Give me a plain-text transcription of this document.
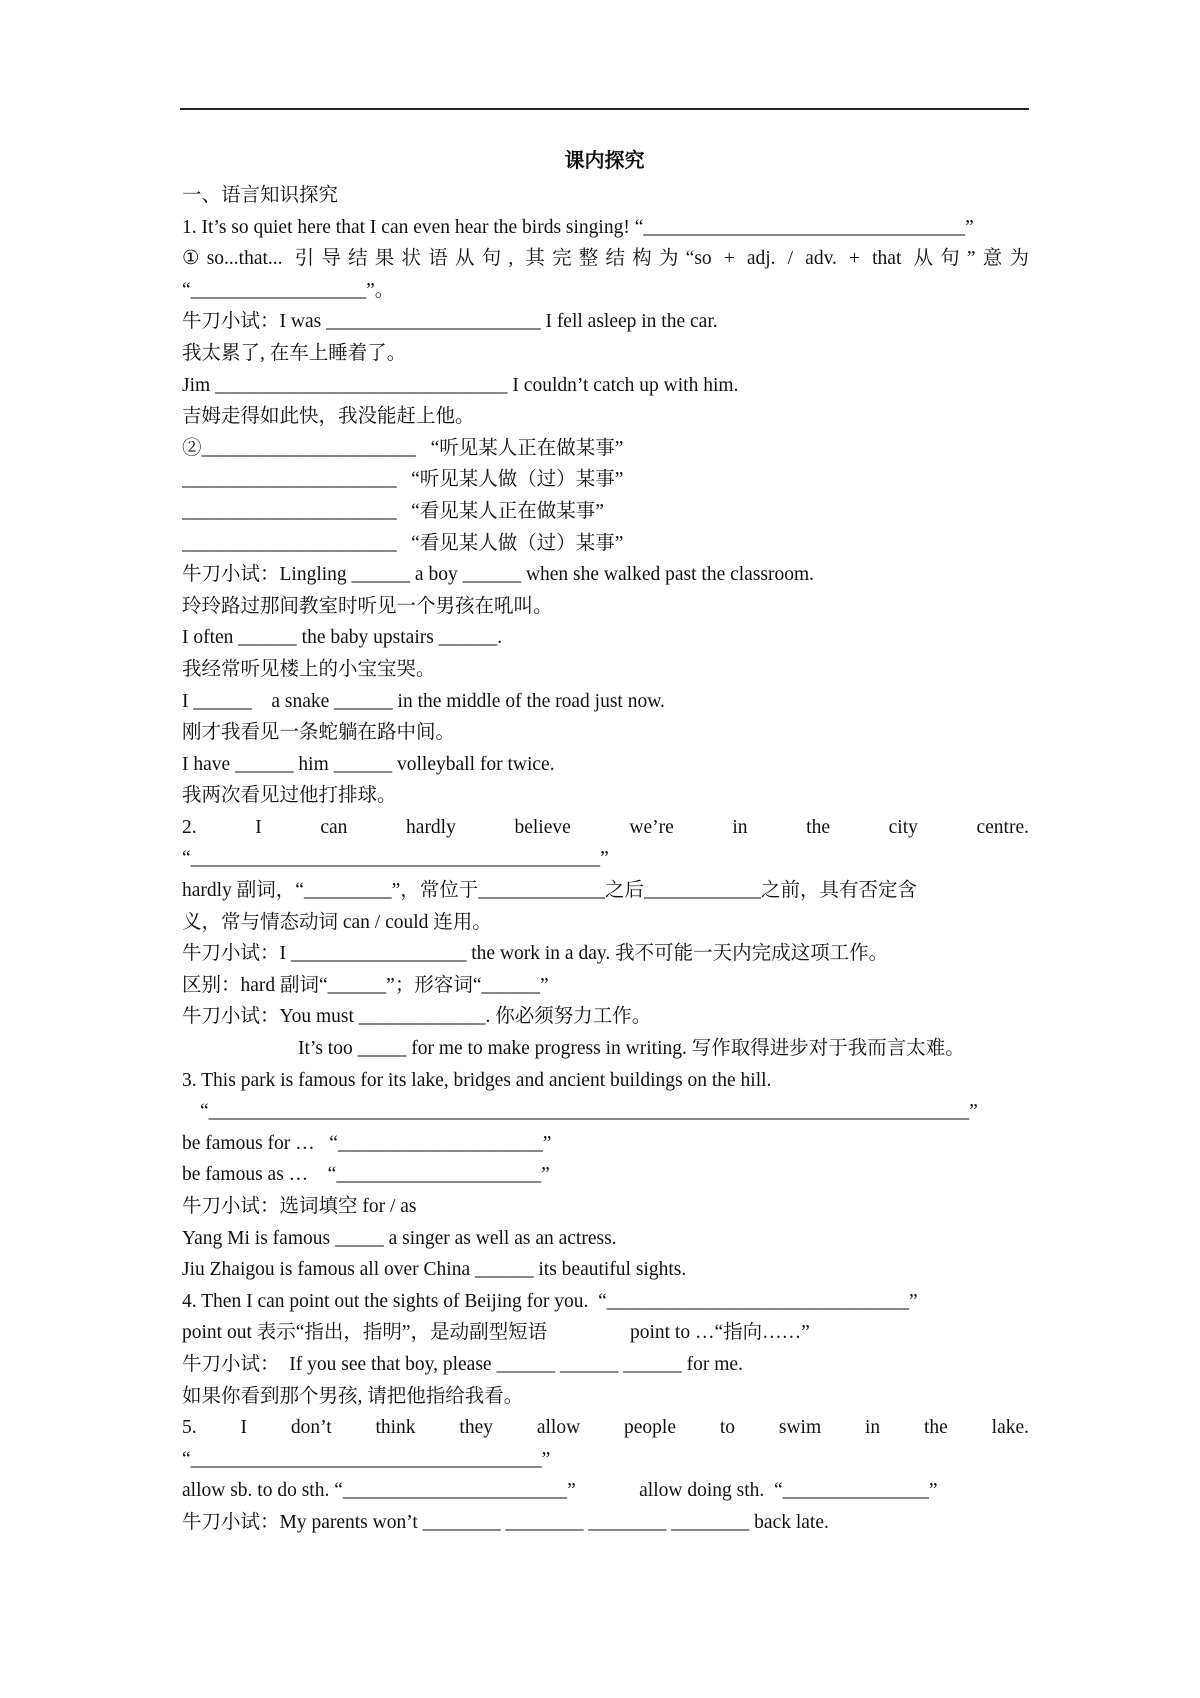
课内探究
一、语言知识探究
1. It’s so quiet here that I can even hear the birds singing! “_________________________________”
①so...that... 引导结果状语从句, 其完整结构为“so + adj. / adv. + that 从句”意为
“__________________”。
牛刀小试：I was ______________________ I fell asleep in the car.
我太累了, 在车上睡着了。
Jim ______________________________ I couldn’t catch up with him.
吉姆走得如此快，我没能赶上他。
②______________________   “听见某人正在做某事”
______________________   “听见某人做（过）某事”
______________________   “看见某人正在做某事”
______________________   “看见某人做（过）某事”
牛刀小试：Lingling ______ a boy ______ when she walked past the classroom.
玲玲路过那间教室时听见一个男孩在吼叫。
I often ______ the baby upstairs ______.
我经常听见楼上的小宝宝哭。
I ______    a snake ______ in the middle of the road just now.
刚才我看见一条蛇躺在路中间。
I have ______ him ______ volleyball for twice.
我两次看见过他打排球。
2. I can hardly believe we’re in the city centre.
“__________________________________________”
hardly 副词，“_________”，常位于_____________之后____________之前，具有否定含
义，常与情态动词 can / could 连用。
牛刀小试：I __________________ the work in a day. 我不可能一天内完成这项工作。
区别：hard 副词“______”；形容词“______”
牛刀小试：You must _____________. 你必须努力工作。
It’s too _____ for me to make progress in writing. 写作取得进步对于我而言太难。
3. This park is famous for its lake, bridges and ancient buildings on the hill.
“______________________________________________________________________________”
be famous for …   “_____________________”
be famous as …    “_____________________”
牛刀小试：选词填空 for / as
Yang Mi is famous _____ a singer as well as an actress.
Jiu Zhaigou is famous all over China ______ its beautiful sights.
4. Then I can point out the sights of Beijing for you.  “_______________________________”
point out 表示“指出，指明”，是动副型短语                 point to …“指向……”
牛刀小试：  If you see that boy, please ______ ______ ______ for me.
如果你看到那个男孩, 请把他指给我看。
5. I don’t think they allow people to swim in the lake.
“____________________________________”
allow sb. to do sth. “_______________________”             allow doing sth.  “_______________”
牛刀小试：My parents won’t ________ ________ ________ ________ back late.
